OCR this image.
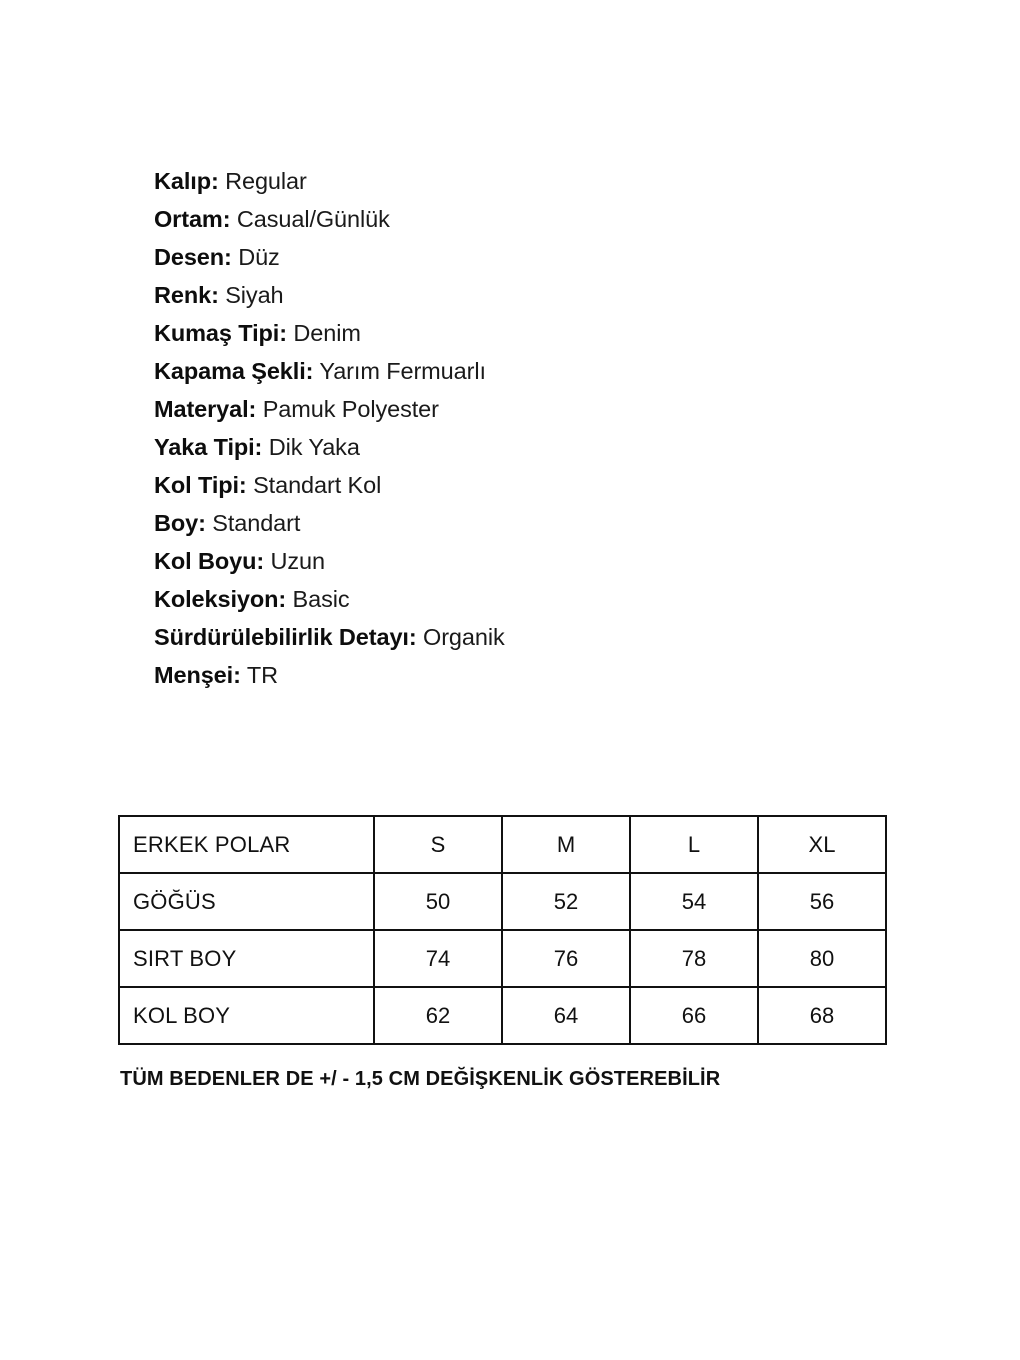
Kalıp: Regular
Ortam: Casual/Günlük
Desen: Düz
Renk: Siyah
Kumaş Tipi: Denim
Kapama Şekli: Yarım Fermuarlı
Materyal: Pamuk Polyester
Yaka Tipi: Dik Yaka
Kol Tipi: Standart Kol
Boy: Standart
Kol Boyu: Uzun
Koleksiyon: Basic
Sürdürülebilirlik Detayı: Organik
Menşei: TR
ERKEK POLAR	S	M	L	XL
GÖĞÜS	50	52	54	56
SIRT BOY	74	76	78	80
KOL BOY	62	64	66	68
TÜM BEDENLER DE +/ - 1,5 CM DEĞİŞKENLİK GÖSTEREBİLİR
